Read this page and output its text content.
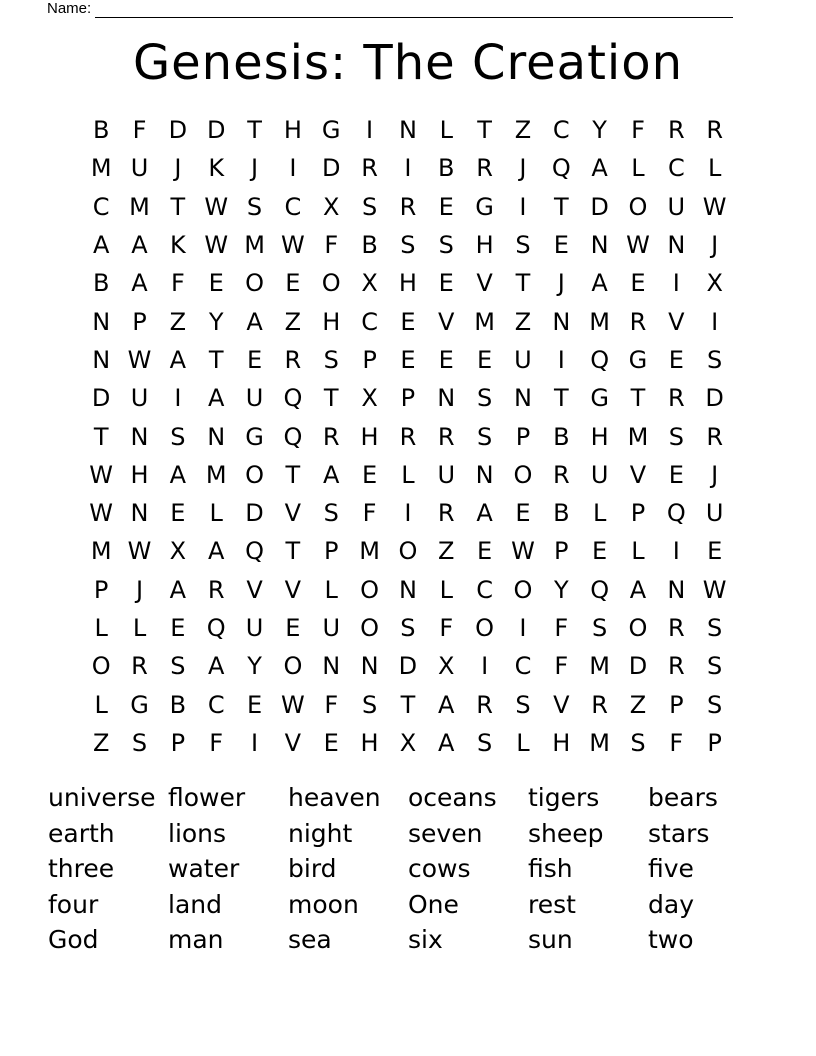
Name:
Genesis: The Creation
B F D D T H G	I	N L	T Z C Y	F R R
M U	J	K	J	I	D R	I	B R	J	Q A L C L
C M T W S C X S R E G	I	T D O U W
A A K W M W F B S S H S E N W N	J
B A F E O E O X H E V T	J	A E	I	X
N P Z Y A Z H C E V M Z N M R V	I
N W A T E R S P E E E U	I	Q G E S
D U	I	A U Q T X P N S N T G T R D
T N S N G Q R H R R S P B H M S R
W H A M O T A E	L U N O R U V E	J
W N E	L D V S F	I	R A E B L	P Q U
M W X A Q T P M O Z E W P E	L	I	E
P	J	A R V V L O N L C O Y Q A N W
L	L	E Q U E U O S F O	I	F S O R S
O R S A Y O N N D X	I	C F M D R S
L G B C E W F S T A R S V R Z P S
Z S P	F	I	V E H X A S	L H M S F	P
universe flower	heaven	oceans	tigers	bears
earth	lions	night	seven	sheep	stars
three	water	bird	cows	fish	five
four	land	moon	One	rest	day
God	man	sea	six	sun	two
